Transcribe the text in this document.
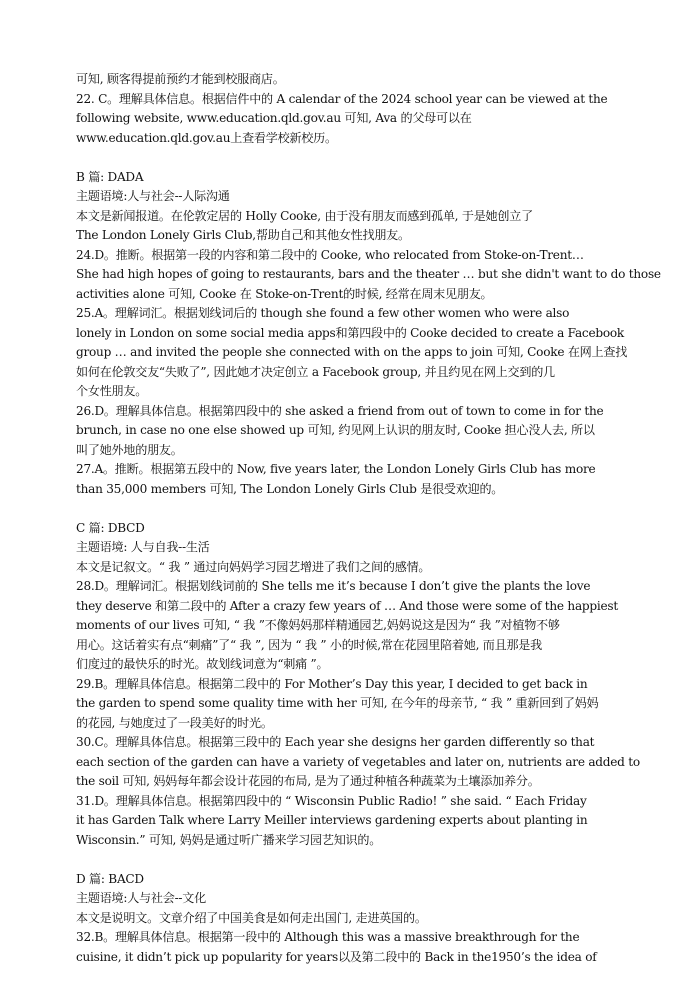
可知, 顾客得提前预约才能到校服商店。
22. C。理解具体信息。根据信件中的 A calendar of the 2024 school year can be viewed at the
following website, www.education.qld.gov.au 可知, Ava 的父母可以在
www.education.qld.gov.au上查看学校新校历。
B 篇: DADA
主题语境:人与社会--人际沟通
本文是新闻报道。在伦敦定居的 Holly Cooke, 由于没有朋友而感到孤单, 于是她创立了
The London Lonely Girls Club,帮助自己和其他女性找朋友。
24.D。推断。根据第一段的内容和第二段中的 Cooke, who relocated from Stoke-on-Trent…
She had high hopes of going to restaurants, bars and the theater … but she didn't want to do those
activities alone 可知, Cooke 在 Stoke-on-Trent的时候, 经常在周末见朋友。
25.A。理解词汇。根据划线词后的 though she found a few other women who were also
lonely in London on some social media apps和第四段中的 Cooke decided to create a Facebook
group … and invited the people she connected with on the apps to join 可知, Cooke 在网上查找
如何在伦敦交友“失败了”, 因此她才决定创立 a Facebook group, 并且约见在网上交到的几
个女性朋友。
26.D。理解具体信息。根据第四段中的 she asked a friend from out of town to come in for the
brunch, in case no one else showed up 可知, 约见网上认识的朋友时, Cooke 担心没人去, 所以
叫了她外地的朋友。
27.A。推断。根据第五段中的 Now, five years later, the London Lonely Girls Club has more
than 35,000 members 可知, The London Lonely Girls Club 是很受欢迎的。
C 篇: DBCD
主题语境: 人与自我--生活
本文是记叙文。“ 我 ” 通过向妈妈学习园艺增进了我们之间的感情。
28.D。理解词汇。根据划线词前的 She tells me it’s because I don’t give the plants the love
they deserve 和第二段中的 After a crazy few years of … And those were some of the happiest
moments of our lives 可知, “ 我 ”不像妈妈那样精通园艺,妈妈说这是因为“ 我 ”对植物不够
用心。这话着实有点“刺痛”了“ 我 ”, 因为 “ 我 ” 小的时候,常在花园里陪着她, 而且那是我
们度过的最快乐的时光。故划线词意为“刺痛 ”。
29.B。理解具体信息。根据第二段中的 For Mother’s Day this year, I decided to get back in
the garden to spend some quality time with her 可知, 在今年的母亲节, “ 我 ” 重新回到了妈妈
的花园, 与她度过了一段美好的时光。
30.C。理解具体信息。根据第三段中的 Each year she designs her garden differently so that
each section of the garden can have a variety of vegetables and later on, nutrients are added to
the soil 可知, 妈妈每年都会设计花园的布局, 是为了通过种植各种蔬菜为土壤添加养分。
31.D。理解具体信息。根据第四段中的 “ Wisconsin Public Radio! ” she said. “ Each Friday
it has Garden Talk where Larry Meiller interviews gardening experts about planting in
Wisconsin.” 可知, 妈妈是通过听广播来学习园艺知识的。
D 篇: BACD
主题语境:人与社会--文化
本文是说明文。文章介绍了中国美食是如何走出国门, 走进英国的。
32.B。理解具体信息。根据第一段中的 Although this was a massive breakthrough for the
cuisine, it didn’t pick up popularity for years以及第二段中的 Back in the1950’s the idea of
